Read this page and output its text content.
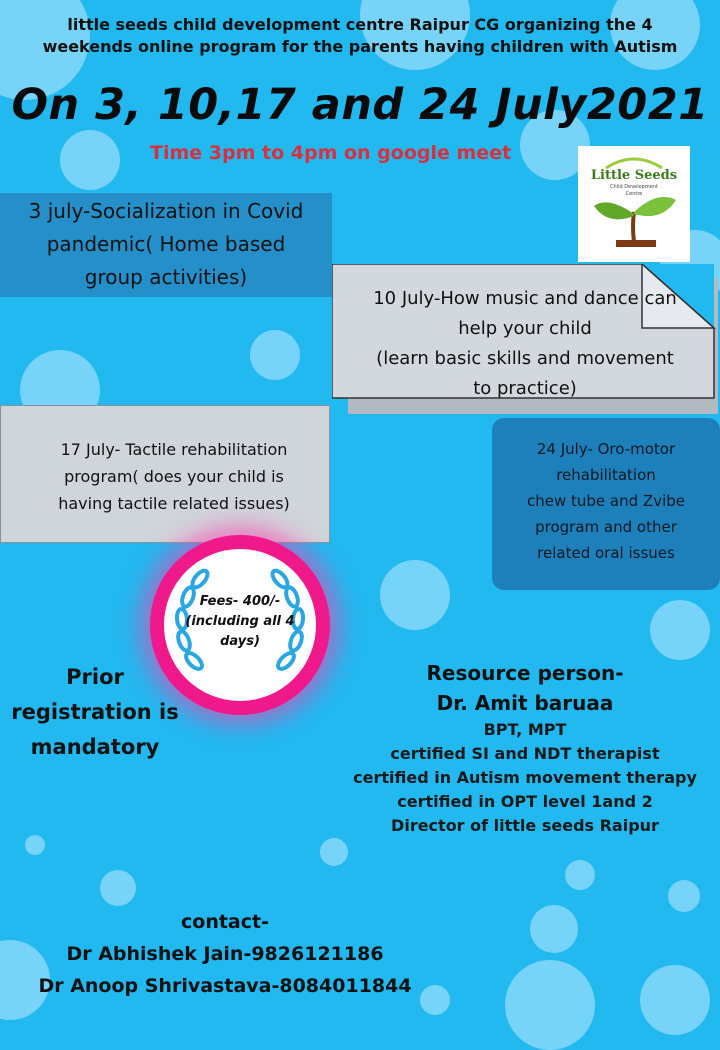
little seeds child development centre Raipur CG organizing the 4
weekends online program for the parents having children with Autism
On 3, 10,17 and 24 July2021
Time 3pm to 4pm on google meet
Little Seeds
Child Development
Centre
3 july-Socialization in Covid
pandemic( Home based
group activities)
10 July-How music and dance can
help your child
(learn basic skills and movement
to practice)
17 July- Tactile rehabilitation
program( does your child is
having tactile related issues)
24 July- Oro-motor
rehabilitation
chew tube and Zvibe
program and other
related oral issues
Fees- 400/-
(including all 4
days)
Prior
registration is
mandatory
Resource person-
Dr. Amit baruaa
BPT, MPT
certified SI and NDT therapist
certified in Autism movement therapy
certified in OPT level 1and 2
Director of little seeds Raipur
contact-
Dr Abhishek Jain-9826121186
Dr Anoop Shrivastava-8084011844
